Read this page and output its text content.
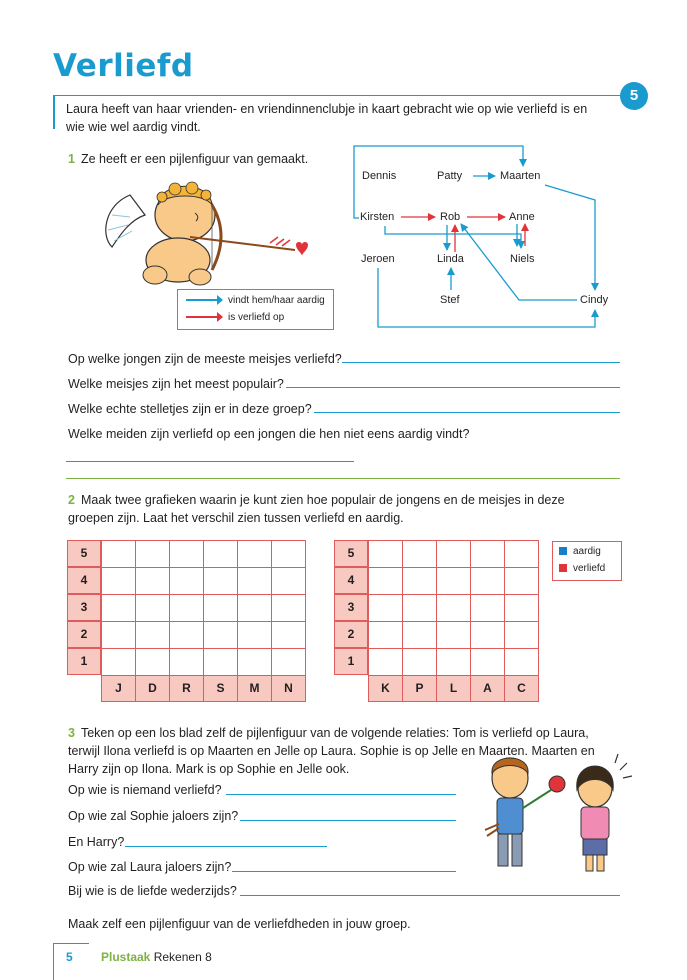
Verliefd
Laura heeft van haar vrienden- en vriendinnenclubje in kaart gebracht wie op wie verliefd is en wie wie wel aardig vindt.
5
1 Ze heeft er een pijlenfiguur van gemaakt.
vindt hem/haar aardig
is verliefd op
Dennis	Patty	Maarten
Kirsten	Rob	Anne
Jeroen	Linda	Niels
Stef	Cindy
Op welke jongen zijn de meeste meisjes verliefd?
Welke meisjes zijn het meest populair?
Welke echte stelletjes zijn er in deze groep?
Welke meiden zijn verliefd op een jongen die hen niet eens aardig vindt?
2 Maak twee grafieken waarin je kunt zien hoe populair de jongens en de meisjes in deze groepen zijn. Laat het verschil zien tussen verliefd en aardig.
5
4
3
2
1
J	D	R	S	M	N
5
4
3
2
1
K	P	L	A	C
aardig
verliefd
3 Teken op een los blad zelf de pijlenfiguur van de volgende relaties: Tom is verliefd op Laura, terwijl Ilona verliefd is op Maarten en Jelle op Laura. Sophie is op Jelle en Maarten. Maarten en Harry zijn op Ilona. Mark is op Sophie en Jelle ook.
Op wie is niemand verliefd?
Op wie zal Sophie jaloers zijn?
En Harry?
Op wie zal Laura jaloers zijn?
Bij wie is de liefde wederzijds?
Maak zelf een pijlenfiguur van de verliefdheden in jouw groep.
5 Plustaak Rekenen 8
